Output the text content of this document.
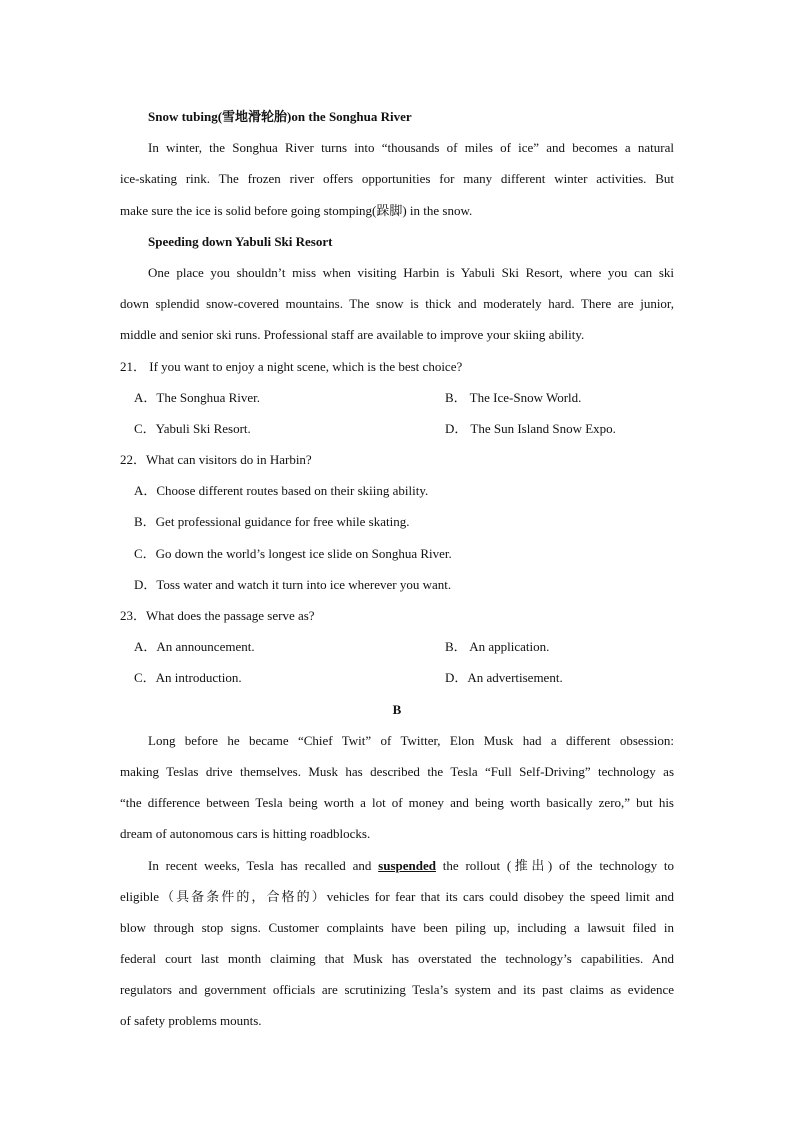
Snow tubing(雪地滑轮胎)on the Songhua River
In winter, the Songhua River turns into “thousands of miles of ice” and becomes a natural
ice-skating rink. The frozen river offers opportunities for many different winter activities. But
make sure the ice is solid before going stomping(跺脚) in the snow.
Speeding down Yabuli Ski Resort
One place you shouldn’t miss when visiting Harbin is Yabuli Ski Resort, where you can ski
down splendid snow-covered mountains. The snow is thick and moderately hard. There are junior,
middle and senior ski runs. Professional staff are available to improve your skiing ability.
21． If you want to enjoy a night scene, which is the best choice?
A．The Songhua River.	B． The Ice-Snow World.
C．Yabuli Ski Resort.	D． The Sun Island Snow Expo.
22．What can visitors do in Harbin?
A．Choose different routes based on their skiing ability.
B．Get professional guidance for free while skating.
C．Go down the world’s longest ice slide on Songhua River.
D．Toss water and watch it turn into ice wherever you want.
23．What does the passage serve as?
A．An announcement.	B． An application.
C．An introduction.	D．An advertisement.
B
Long before he became “Chief Twit” of Twitter, Elon Musk had a different obsession:
making Teslas drive themselves. Musk has described the Tesla “Full Self-Driving” technology as
“the difference between Tesla being worth a lot of money and being worth basically zero,” but his
dream of autonomous cars is hitting roadblocks.
In recent weeks, Tesla has recalled and suspended the rollout (推出) of the technology to
eligible（具备条件的，合格的）vehicles for fear that its cars could disobey the speed limit and
blow through stop signs. Customer complaints have been piling up, including a lawsuit filed in
federal court last month claiming that Musk has overstated the technology’s capabilities. And
regulators and government officials are scrutinizing Tesla’s system and its past claims as evidence
of safety problems mounts.
